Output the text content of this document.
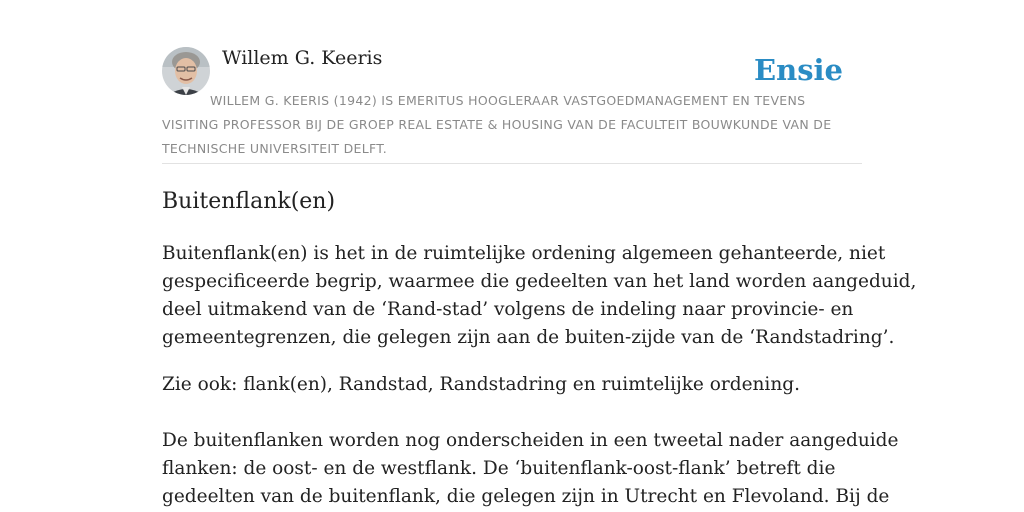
Willem G. Keeris	Ensie

WILLEM G. KEERIS (1942) IS EMERITUS HOOGLERAAR VASTGOEDMANAGEMENT EN TEVENS VISITING PROFESSOR BIJ DE GROEP REAL ESTATE & HOUSING VAN DE FACULTEIT BOUWKUNDE VAN DE TECHNISCHE UNIVERSITEIT DELFT.

Buitenflank(en)

Buitenflank(en) is het in de ruimtelijke ordening algemeen gehanteerde, niet
gespecificeerde begrip, waarmee die gedeelten van het land worden aangeduid,
deel uitmakend van de ‘Rand-stad’ volgens de indeling naar provincie- en
gemeentegrenzen, die gelegen zijn aan de buiten-zijde van de ‘Randstadring’.

Zie ook: flank(en), Randstad, Randstadring en ruimtelijke ordening.

De buitenflanken worden nog onderscheiden in een tweetal nader aangeduide
flanken: de oost- en de westflank. De ‘buitenflank-oost-flank’ betreft die
gedeelten van de buitenflank, die gelegen zijn in Utrecht en Flevoland. Bij de
